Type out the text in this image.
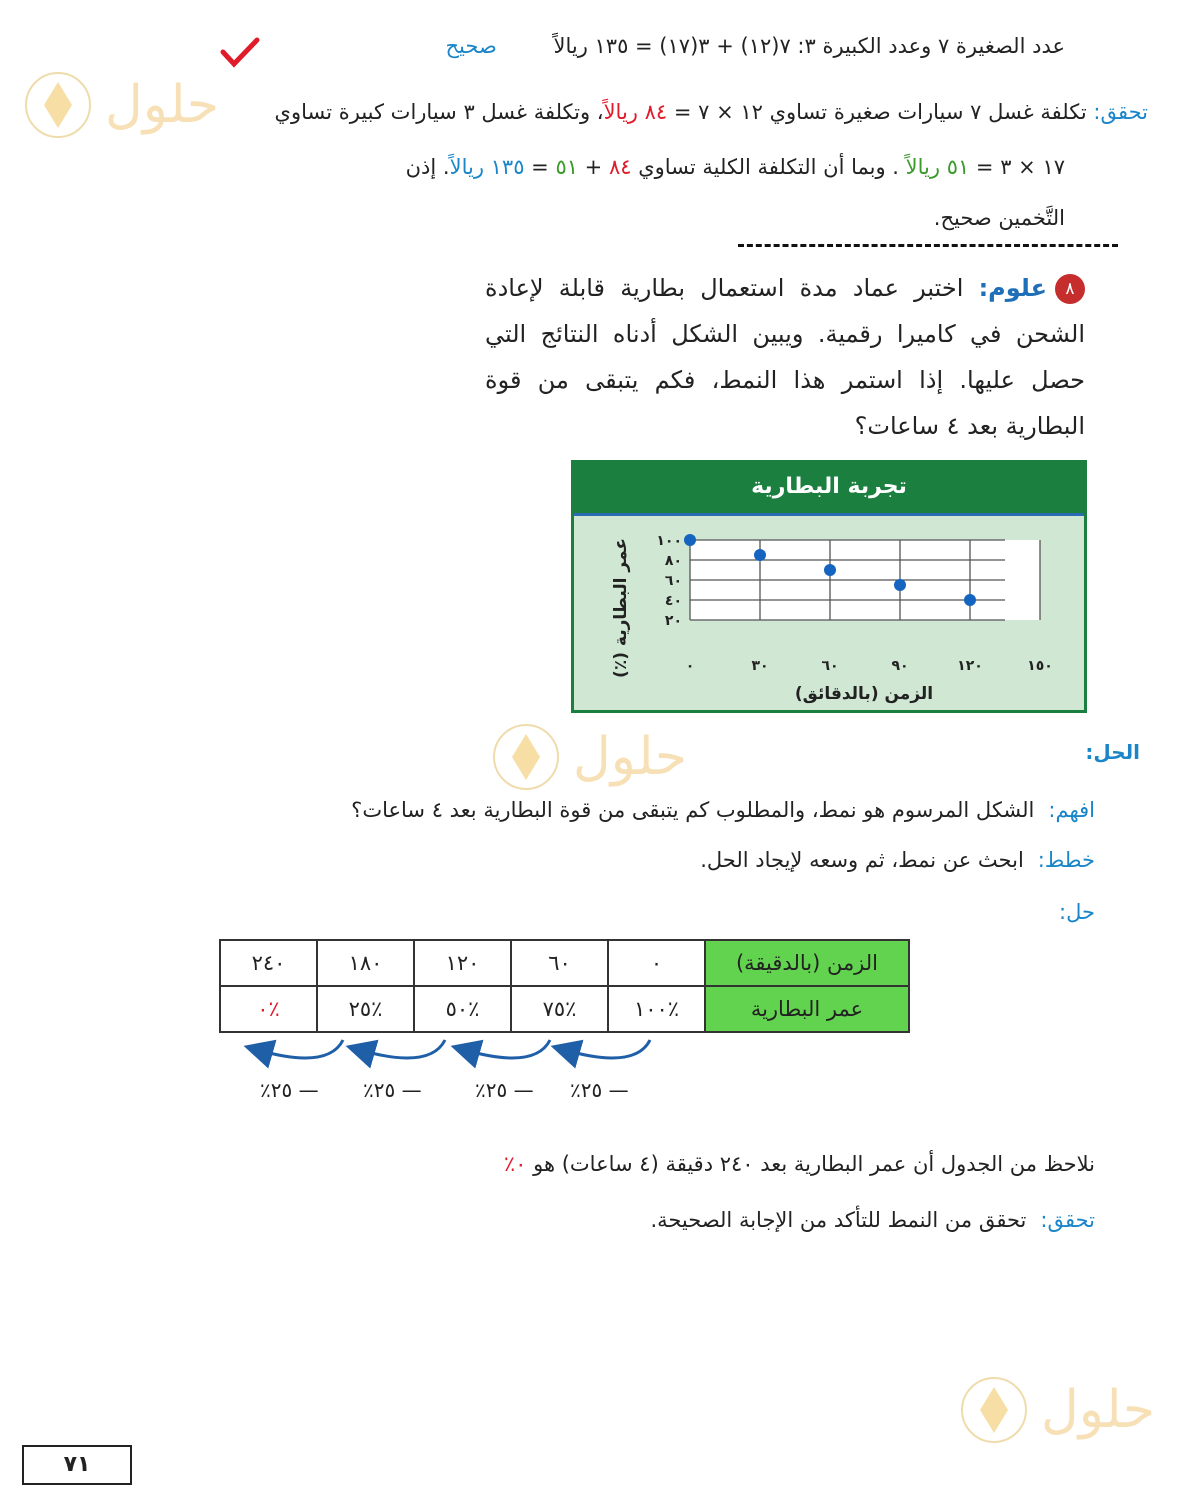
حلول
حلول
حلول
عدد الصغيرة ٧ وعدد الكبيرة ٣: ٧(١٢) + ٣(١٧) = ١٣٥ ريالاً صحيح
تحقق: تكلفة غسل ٧ سيارات صغيرة تساوي ١٢ × ٧ = ٨٤ ريالاً، وتكلفة غسل ٣ سيارات كبيرة تساوي
١٧ × ٣ = ٥١ ريالاً . وبما أن التكلفة الكلية تساوي ٨٤ + ٥١ = ١٣٥ ريالاً. إذن
التَّخمين صحيح.
٨علوم: اختبر عماد مدة استعمال بطارية قابلة لإعادة الشحن في كاميرا رقمية. ويبين الشكل أدناه النتائج التي حصل عليها. إذا استمر هذا النمط، فكم يتبقى من قوة البطارية بعد ٤ ساعات؟
تجربة البطارية
٢٠
٤٠
٦٠
٨٠
١٠٠
٠	٣٠	٦٠	٩٠	١٢٠	١٥٠
الزمن (بالدقائق)
عمر البطارية (٪)
الحل:
افهم:الشكل المرسوم هو نمط، والمطلوب كم يتبقى من قوة البطارية بعد ٤ ساعات؟
خطط:ابحث عن نمط، ثم وسعه لإيجاد الحل.
حل:
الزمن (بالدقيقة)	٠	٦٠	١٢٠	١٨٠	٢٤٠
عمر البطارية	٪١٠٠	٪٧٥	٪٥٠	٪٢٥	٪٠
— ٢٥٪
— ٢٥٪
— ٢٥٪
— ٢٥٪
نلاحظ من الجدول أن عمر البطارية بعد ٢٤٠ دقيقة (٤ ساعات) هو ٠٪
تحقق:تحقق من النمط للتأكد من الإجابة الصحيحة.
٧١
